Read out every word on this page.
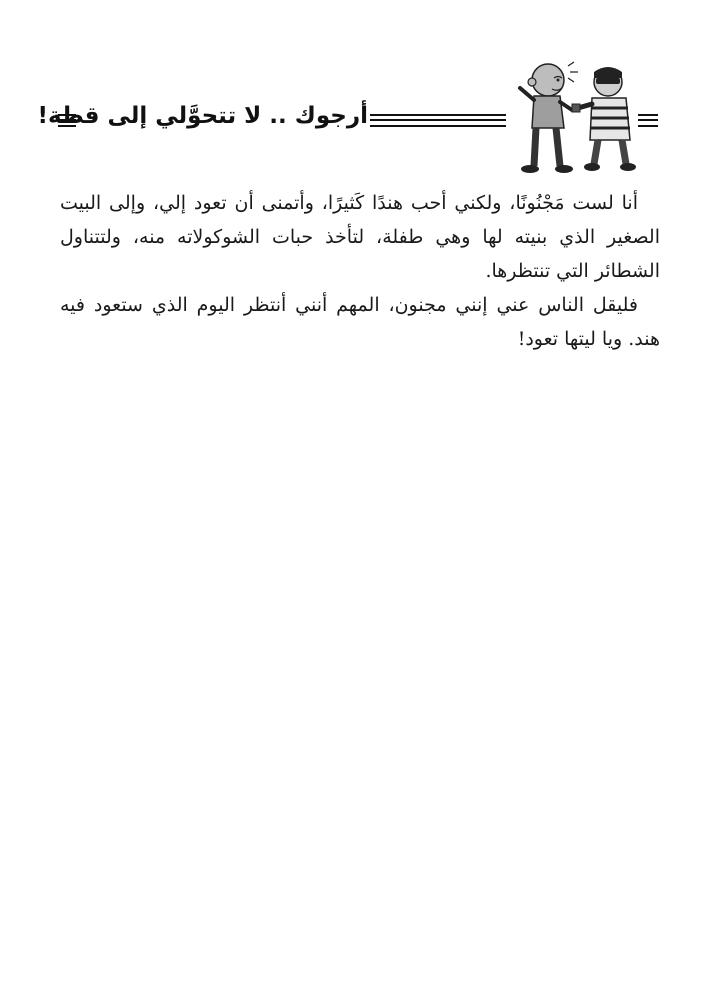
أرجوك .. لا تتحوَّلي إلى قطة!

أنا لست مَجْنُونًا، ولكني أحب هندًا كَثيرًا، وأتمنى أن تعود إلي، وإلى البيت الصغير الذي بنيته لها وهي طفلة، لتأخذ حبات الشوكولاته منه، ولتتناول الشطائر التي تنتظرها.

فليقل الناس عني إنني مجنون، المهم أنني أنتظر اليوم الذي ستعود فيه هند. ويا ليتها تعود!
